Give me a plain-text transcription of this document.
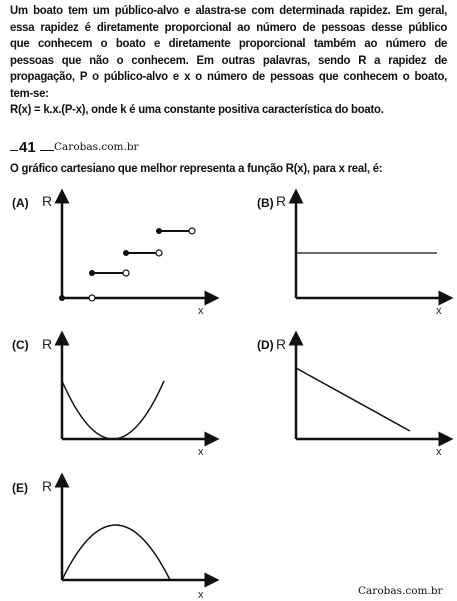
Um boato tem um público-alvo e alastra-se com determinada rapidez. Em geral,
essa rapidez é diretamente proporcional ao número de pessoas desse público
que conhecem o boato e diretamente proporcional também ao número de
pessoas que não o conhecem. Em outras palavras, sendo R a rapidez de
propagação, P o público-alvo e x o número de pessoas que conhecem o boato,
tem-se:
R(x) = k.x.(P-x), onde k é uma constante positiva característica do boato.
41 Carobas.com.br
O gráfico cartesiano que melhor representa a função R(x), para x real, é:
(A)	(B)
(C)	(D)
(E)
R
x
R
x
R
x
R
x
R
x	Carobas.com.br
